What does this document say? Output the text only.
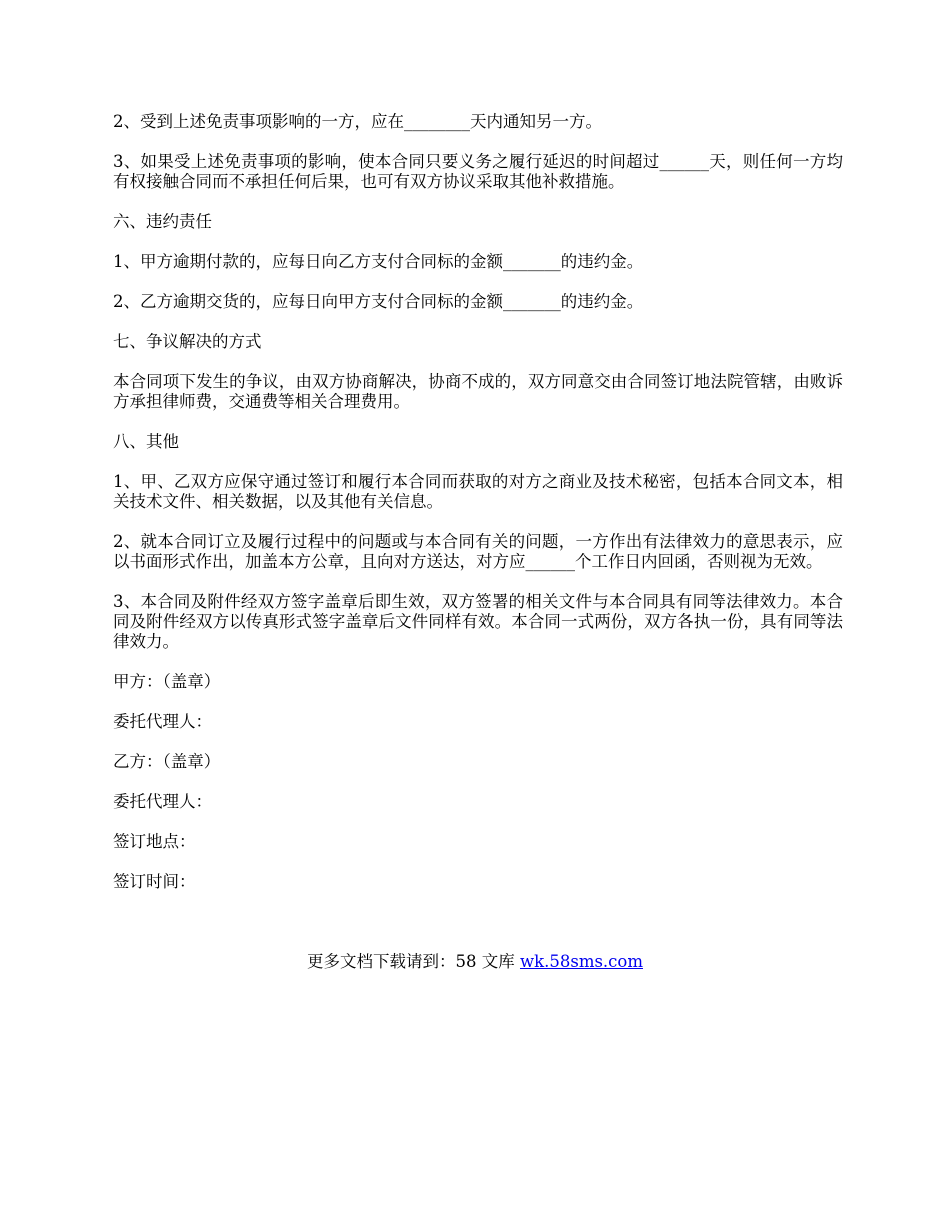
2、受到上述免责事项影响的一方，应在________天内通知另一方。

3、如果受上述免责事项的影响，使本合同只要义务之履行延迟的时间超过______天，则任何一方均有权接触合同而不承担任何后果，也可有双方协议采取其他补救措施。

六、违约责任

1、甲方逾期付款的，应每日向乙方支付合同标的金额_______的违约金。

2、乙方逾期交货的，应每日向甲方支付合同标的金额_______的违约金。

七、争议解决的方式

本合同项下发生的争议，由双方协商解决，协商不成的，双方同意交由合同签订地法院管辖，由败诉方承担律师费，交通费等相关合理费用。

八、其他

1、甲、乙双方应保守通过签订和履行本合同而获取的对方之商业及技术秘密，包括本合同文本，相关技术文件、相关数据，以及其他有关信息。

2、就本合同订立及履行过程中的问题或与本合同有关的问题，一方作出有法律效力的意思表示，应以书面形式作出，加盖本方公章，且向对方送达，对方应______个工作日内回函，否则视为无效。

3、本合同及附件经双方签字盖章后即生效，双方签署的相关文件与本合同具有同等法律效力。本合同及附件经双方以传真形式签字盖章后文件同样有效。本合同一式两份，双方各执一份，具有同等法律效力。

甲方：（盖章）

委托代理人：

乙方：（盖章）

委托代理人：

签订地点：

签订时间：

更多文档下载请到：58 文库 wk.58sms.com
